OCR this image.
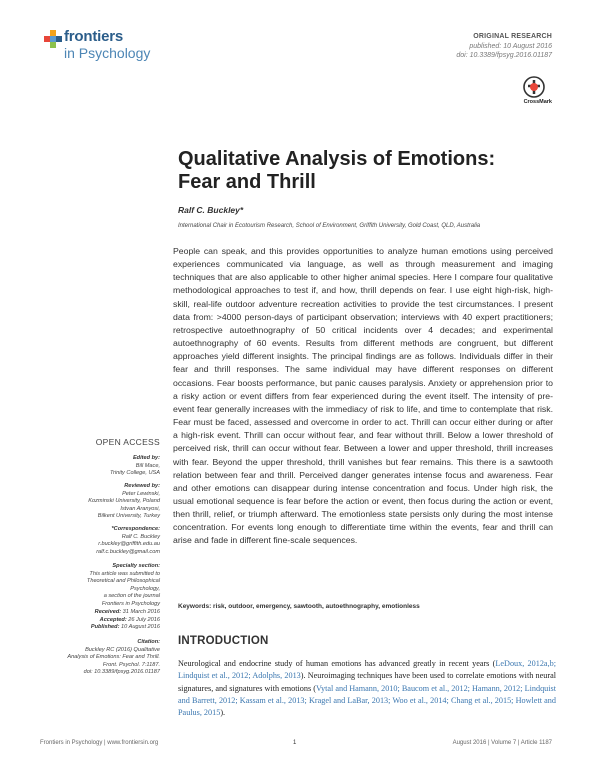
frontiers
in Psychology
ORIGINAL RESEARCH
published: 10 August 2016
doi: 10.3389/fpsyg.2016.01187
CrossMark
Qualitative Analysis of Emotions:
Fear and Thrill
Ralf C. Buckley*
International Chair in Ecotourism Research, School of Environment, Griffith University, Gold Coast, QLD, Australia
People can speak, and this provides opportunities to analyze human emotions using perceived experiences communicated via language, as well as through measurement and imaging techniques that are also applicable to other higher animal species. Here I compare four qualitative methodological approaches to test if, and how, thrill depends on fear. I use eight high-risk, high-skill, real-life outdoor adventure recreation activities to provide the test circumstances. I present data from: >4000 person-days of participant observation; interviews with 40 expert practitioners; retrospective autoethnography of 50 critical incidents over 4 decades; and experimental autoethnography of 60 events. Results from different methods are congruent, but different approaches yield different insights. The principal findings are as follows. Individuals differ in their fear and thrill responses. The same individual may have different responses on different occasions. Fear boosts performance, but panic causes paralysis. Anxiety or apprehension prior to a risky action or event differs from fear experienced during the event itself. The intensity of pre-event fear generally increases with the immediacy of risk to life, and time to contemplate that risk. Fear must be faced, assessed and overcome in order to act. Thrill can occur either during or after a high-risk event. Thrill can occur without fear, and fear without thrill. Below a lower threshold of perceived risk, thrill can occur without fear. Between a lower and upper threshold, thrill increases with fear. Beyond the upper threshold, thrill vanishes but fear remains. This there is a sawtooth relation between fear and thrill. Perceived danger generates intense focus and awareness. Fear and other emotions can disappear during intense concentration and focus. Under high risk, the usual emotional sequence is fear before the action or event, then focus during the action or event, then thrill, relief, or triumph afterward. The emotionless state persists only during the most intense concentration. For events long enough to differentiate time within the events, fear and thrill can arise and fade in different fine-scale sequences.
Keywords: risk, outdoor, emergency, sawtooth, autoethnography, emotionless
OPEN ACCESS
Edited by:
Bill Mace,
Trinity College, USA
Reviewed by:
Peter Lewinski,
Kozminski University, Poland
Istvan Aranyosi,
Bilkent University, Turkey
*Correspondence:
Ralf C. Buckley
r.buckley@griffith.edu.au
ralf.c.buckley@gmail.com
Specialty section:
This article was submitted to
Theoretical and Philosophical
Psychology,
a section of the journal
Frontiers in Psychology
Received: 31 March 2016
Accepted: 26 July 2016
Published: 10 August 2016
Citation:
Buckley RC (2016) Qualitative
Analysis of Emotions: Fear and Thrill.
Front. Psychol. 7:1187.
doi: 10.3389/fpsyg.2016.01187
INTRODUCTION
Neurological and endocrine study of human emotions has advanced greatly in recent years (LeDoux, 2012a,b; Lindquist et al., 2012; Adolphs, 2013). Neuroimaging techniques have been used to correlate emotions with neural signatures, and signatures with emotions (Vytal and Hamann, 2010; Baucom et al., 2012; Hamann, 2012; Lindquist and Barrett, 2012; Kassam et al., 2013; Kragel and LaBar, 2013; Woo et al., 2014; Chang et al., 2015; Howlett and Paulus, 2015).
Frontiers in Psychology | www.frontiersin.org	1	August 2016 | Volume 7 | Article 1187
